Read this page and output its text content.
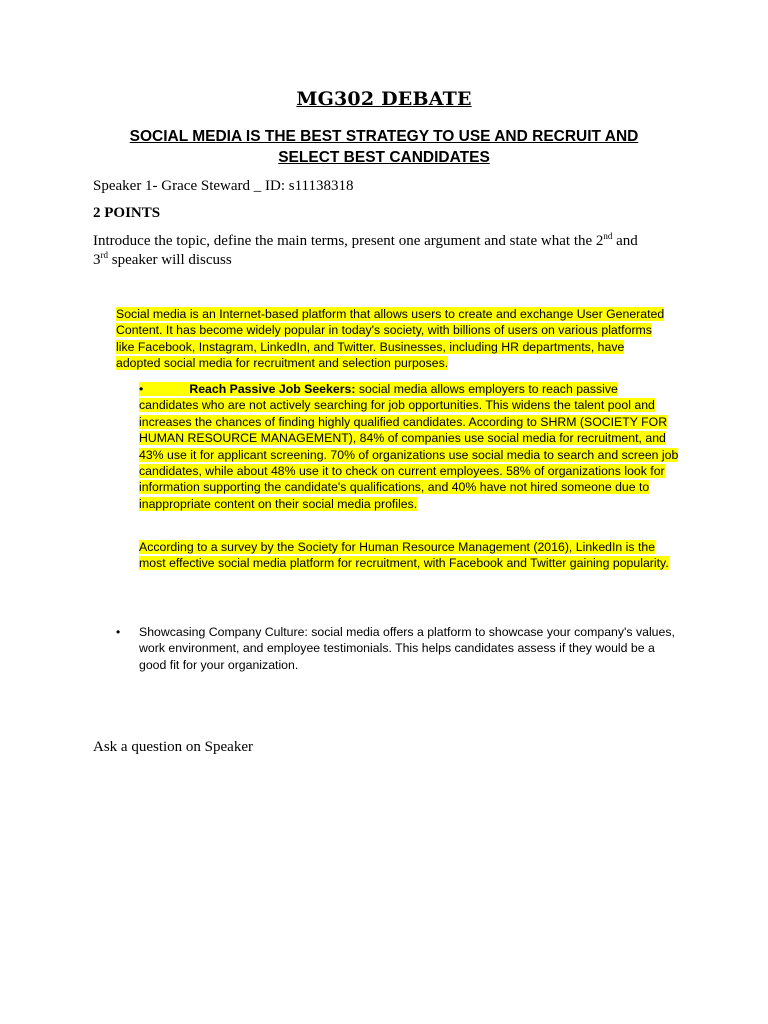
MG302 DEBATE
SOCIAL MEDIA IS THE BEST STRATEGY TO USE AND RECRUIT AND SELECT BEST CANDIDATES

Speaker 1- Grace Steward _ ID: s11138318

2 POINTS

Introduce the topic, define the main terms, present one argument and state what the 2nd and
3rd speaker will discuss

Social media is an Internet-based platform that allows users to create and exchange User Generated Content. It has become widely popular in today's society, with billions of users on various platforms like Facebook, Instagram, LinkedIn, and Twitter. Businesses, including HR departments, have adopted social media for recruitment and selection purposes.

•	Reach Passive Job Seekers: social media allows employers to reach passive candidates who are not actively searching for job opportunities. This widens the talent pool and increases the chances of finding highly qualified candidates. According to SHRM (SOCIETY FOR HUMAN RESOURCE MANAGEMENT), 84% of companies use social media for recruitment, and 43% use it for applicant screening. 70% of organizations use social media to search and screen job candidates, while about 48% use it to check on current employees. 58% of organizations look for information supporting the candidate's qualifications, and 40% have not hired someone due to inappropriate content on their social media profiles.

According to a survey by the Society for Human Resource Management (2016), LinkedIn is the most effective social media platform for recruitment, with Facebook and Twitter gaining popularity.

• Showcasing Company Culture: social media offers a platform to showcase your company's values, work environment, and employee testimonials. This helps candidates assess if they would be a good fit for your organization.

Ask a question on Speaker
